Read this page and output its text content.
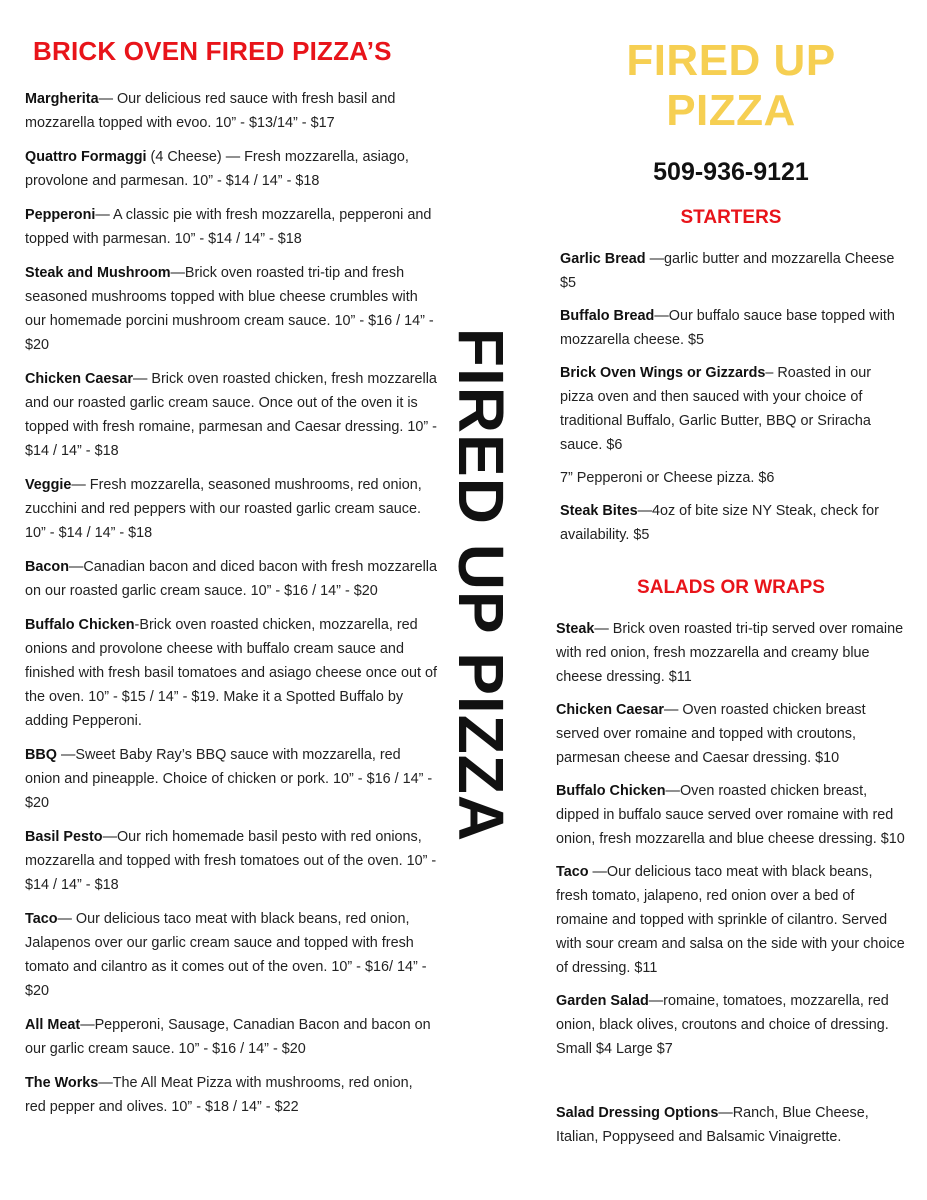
BRICK OVEN FIRED PIZZA’S

Margherita— Our delicious red sauce with fresh basil and mozzarella topped with evoo. 10” - $13/14” - $17

Quattro Formaggi (4 Cheese) — Fresh mozzarella, asiago, provolone and parmesan. 10” - $14 / 14” - $18

Pepperoni— A classic pie with fresh mozzarella, pepperoni and topped with parmesan. 10” - $14 / 14” - $18

Steak and Mushroom—Brick oven roasted tri-tip and fresh seasoned mushrooms topped with blue cheese crumbles with our homemade porcini mushroom cream sauce. 10” - $16 / 14” - $20

Chicken Caesar— Brick oven roasted chicken, fresh mozzarella and our roasted garlic cream sauce. Once out of the oven it is topped with fresh romaine, parmesan and Caesar dressing. 10” - $14 / 14” - $18

Veggie— Fresh mozzarella, seasoned mushrooms, red onion, zucchini and red peppers with our roasted garlic cream sauce. 10” - $14 / 14” - $18

Bacon—Canadian bacon and diced bacon with fresh mozzarella on our roasted garlic cream sauce. 10” - $16 / 14” - $20

Buffalo Chicken-Brick oven roasted chicken, mozzarella, red onions and provolone cheese with buffalo cream sauce and finished with fresh basil tomatoes and asiago cheese once out of the oven. 10” - $15 / 14” - $19. Make it a Spotted Buffalo by adding Pepperoni.

BBQ —Sweet Baby Ray’s BBQ sauce with mozzarella, red onion and pineapple. Choice of chicken or pork. 10” - $16 / 14” - $20

Basil Pesto—Our rich homemade basil pesto with red onions, mozzarella and topped with fresh tomatoes out of the oven. 10” - $14 / 14” - $18

Taco— Our delicious taco meat with black beans, red onion, Jalapenos over our garlic cream sauce and topped with fresh tomato and cilantro as it comes out of the oven. 10” - $16/ 14” - $20

All Meat—Pepperoni, Sausage, Canadian Bacon and bacon on our garlic cream sauce. 10” - $16 / 14” - $20

The Works—The All Meat Pizza with mushrooms, red onion, red pepper and olives. 10” - $18 / 14” - $22

FIRED UP PIZZA
FIRED UP PIZZA
509-936-9121
STARTERS

Garlic Bread —garlic butter and mozzarella Cheese $5

Buffalo Bread—Our buffalo sauce base topped with mozzarella cheese. $5

Brick Oven Wings or Gizzards– Roasted in our pizza oven and then sauced with your choice of traditional Buffalo, Garlic Butter, BBQ or Sriracha sauce. $6

7” Pepperoni or Cheese pizza. $6

Steak Bites—4oz of bite size NY Steak, check for availability. $5

SALADS OR WRAPS

Steak— Brick oven roasted tri-tip served over romaine with red onion, fresh mozzarella and creamy blue cheese dressing. $11

Chicken Caesar— Oven roasted chicken breast served over romaine and topped with croutons, parmesan cheese and Caesar dressing. $10

Buffalo Chicken—Oven roasted chicken breast, dipped in buffalo sauce served over romaine with red onion, fresh mozzarella and blue cheese dressing. $10

Taco —Our delicious taco meat with black beans, fresh tomato, jalapeno, red onion over a bed of romaine and topped with sprinkle of cilantro. Served with sour cream and salsa on the side with your choice of dressing. $11

Garden Salad—romaine, tomatoes, mozzarella, red onion, black olives, croutons and choice of dressing. Small $4 Large $7

Salad Dressing Options—Ranch, Blue Cheese, Italian, Poppyseed and Balsamic Vinaigrette.
